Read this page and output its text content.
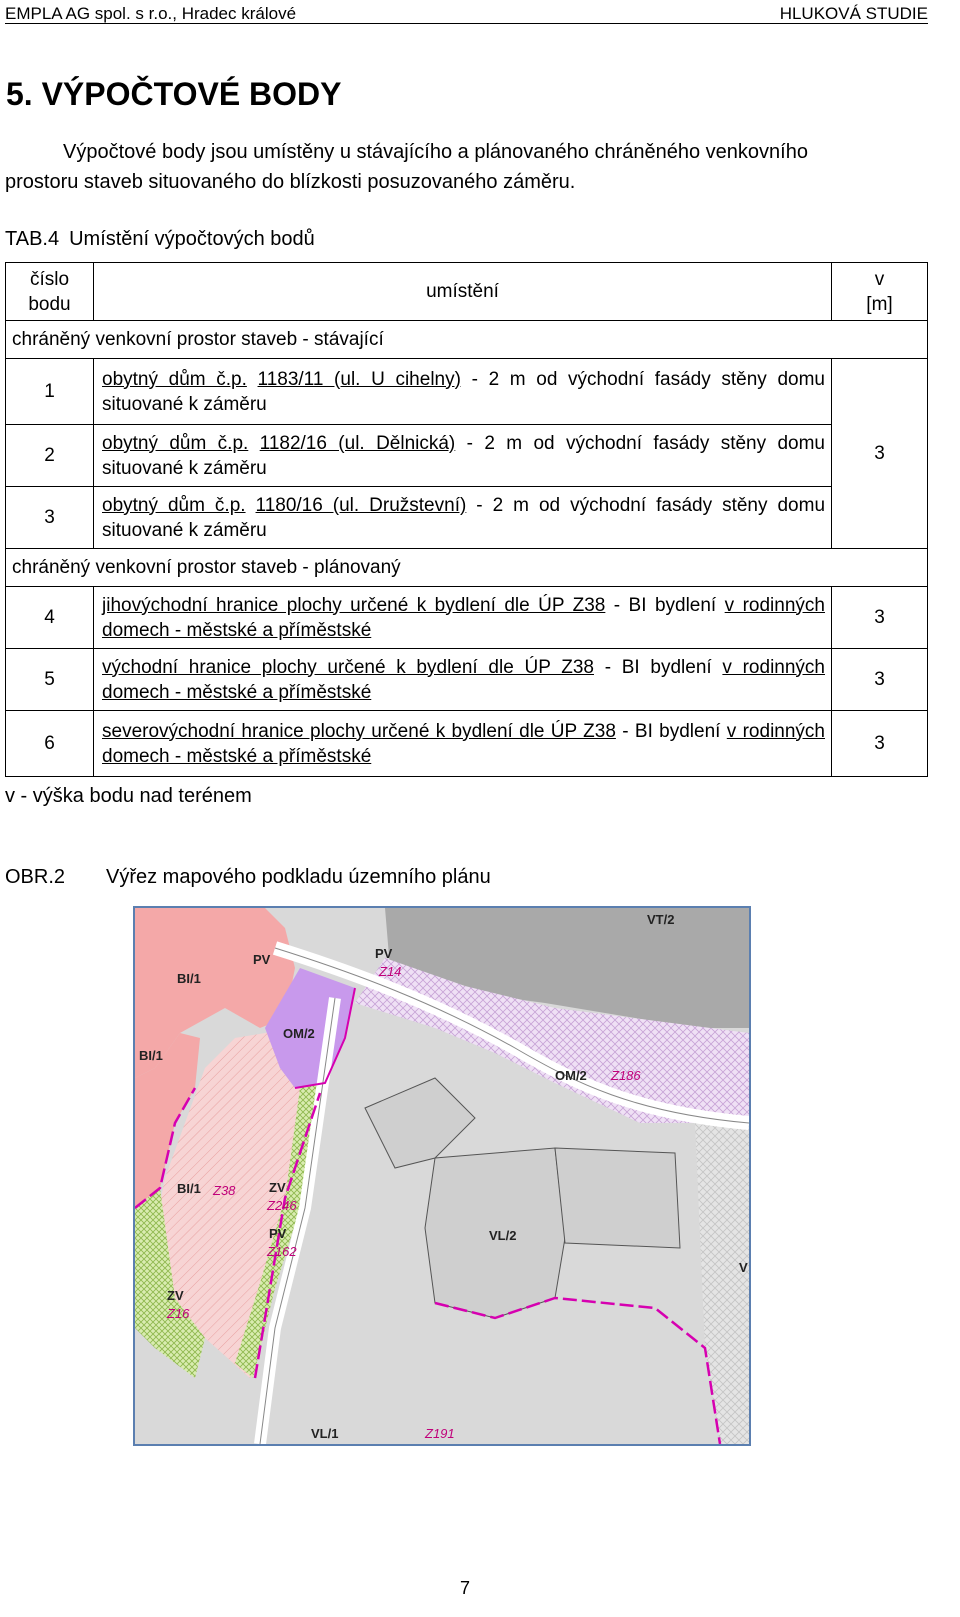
EMPLA AG spol. s r.o., Hradec králové	HLUKOVÁ STUDIE
5. VÝPOČTOVÉ BODY
Výpočtové body jsou umístěny u stávajícího a plánovaného chráněného venkovního
prostoru staveb situovaného do blízkosti posuzovaného záměru.
TAB.4 Umístění výpočtových bodů
číslo
bodu	umístění	v
[m]
chráněný venkovní prostor staveb - stávající		
1	obytný dům č.p. 1183/11 (ul. U cihelny) - 2 m od východní fasády stěny domu situované k záměru	3
2	obytný dům č.p. 1182/16 (ul. Dělnická) - 2 m od východní fasády stěny domu situované k záměru	
3	obytný dům č.p. 1180/16 (ul. Družstevní) - 2 m od východní fasády stěny domu situované k záměru	
chráněný venkovní prostor staveb - plánovaný		
4	jihovýchodní hranice plochy určené k bydlení dle ÚP Z38 - BI bydlení v rodinných domech - městské a příměstské	3
5	východní hranice plochy určené k bydlení dle ÚP Z38 - BI bydlení v rodinných domech - městské a příměstské	3
6	severovýchodní hranice plochy určené k bydlení dle ÚP Z38 - BI bydlení v rodinných domech - městské a příměstské	3
v - výška bodu nad terénem
OBR.2 Výřez mapového podkladu územního plánu
VT/2
PV	PV
Z14
BI/1
BI/1
BI/1
OM/2
OM/2 Z186
Z38	ZV
Z246
PV
Z162
VL/2
ZV
Z16
VL/1	Z191
V
7
